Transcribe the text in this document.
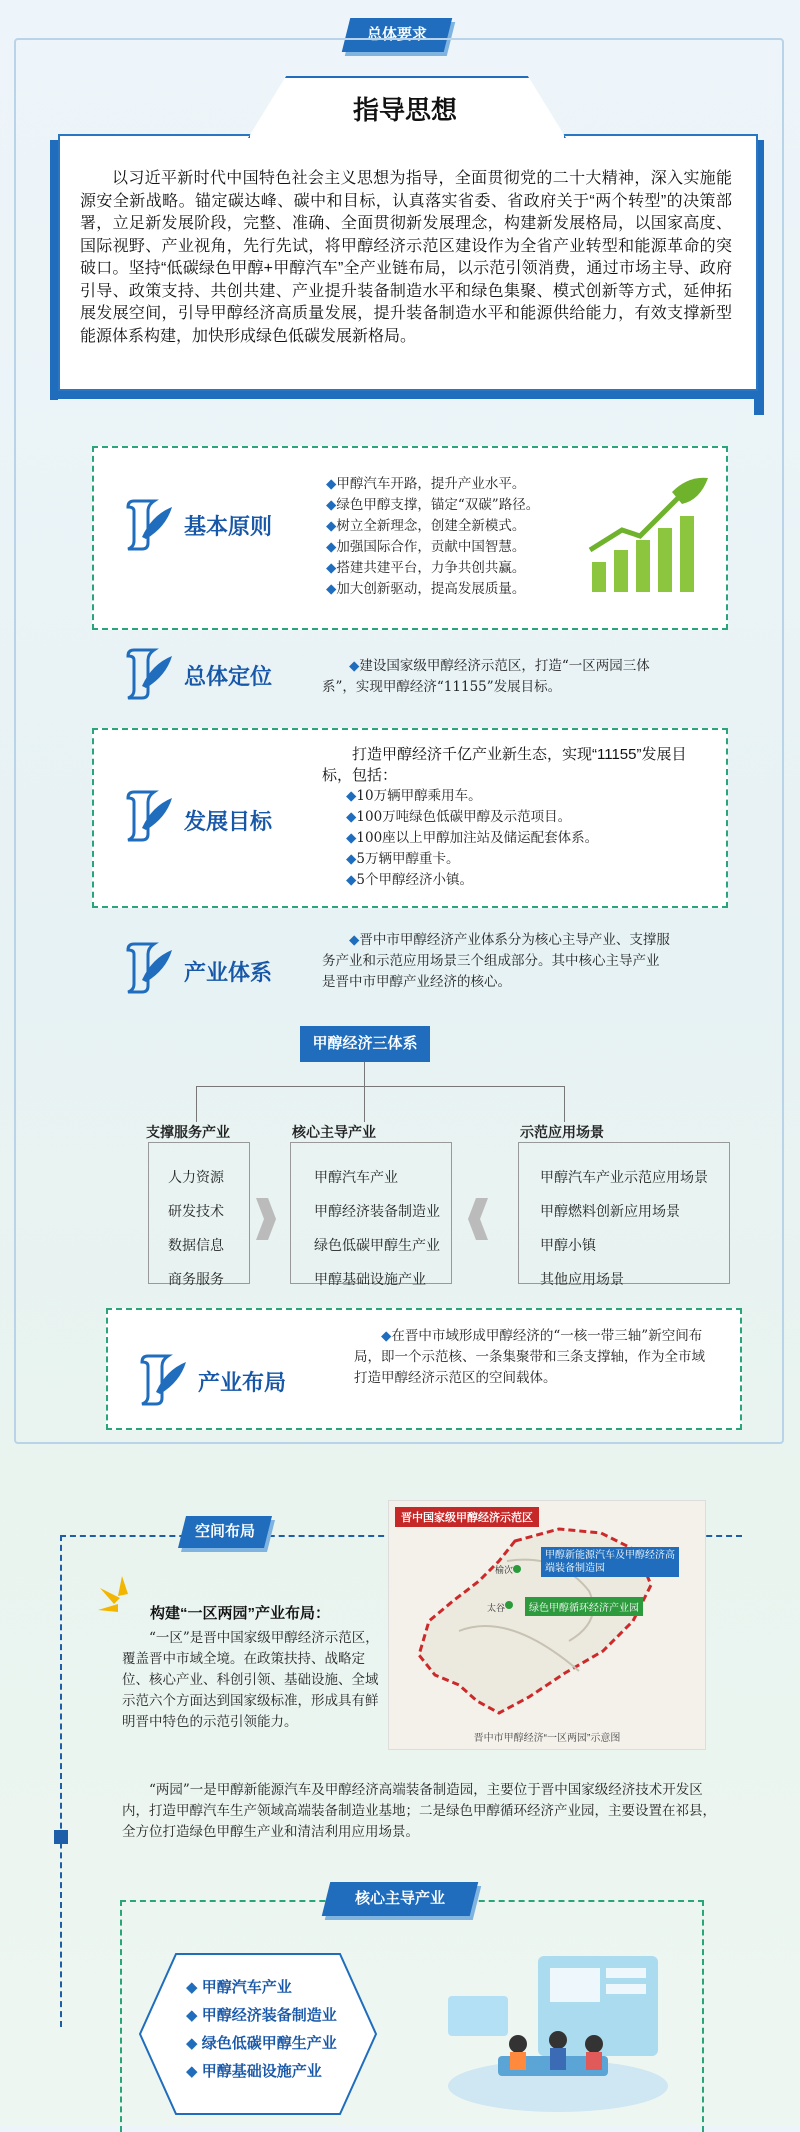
总体要求
指导思想
以习近平新时代中国特色社会主义思想为指导，全面贯彻党的二十大精神，深入实施能源安全新战略。锚定碳达峰、碳中和目标，认真落实省委、省政府关于“两个转型”的决策部署，立足新发展阶段，完整、准确、全面贯彻新发展理念，构建新发展格局，以国家高度、国际视野、产业视角，先行先试，将甲醇经济示范区建设作为全省产业转型和能源革命的突破口。坚持“低碳绿色甲醇+甲醇汽车”全产业链布局，以示范引领消费，通过市场主导、政府引导、政策支持、共创共建、产业提升装备制造水平和绿色集聚、模式创新等方式，延伸拓展发展空间，引导甲醇经济高质量发展，提升装备制造水平和能源供给能力，有效支撑新型能源体系构建，加快形成绿色低碳发展新格局。
基本原则
◆甲醇汽车开路，提升产业水平。
◆绿色甲醇支撑，锚定“双碳”路径。
◆树立全新理念，创建全新模式。
◆加强国际合作，贡献中国智慧。
◆搭建共建平台，力争共创共赢。
◆加大创新驱动，提高发展质量。
总体定位	◆建设国家级甲醇经济示范区，打造“一区两园三体系”，实现甲醇经济“11155”发展目标。
发展目标
打造甲醇经济千亿产业新生态，实现“11155”发展目标，包括：
◆10万辆甲醇乘用车。
◆100万吨绿色低碳甲醇及示范项目。
◆100座以上甲醇加注站及储运配套体系。
◆5万辆甲醇重卡。
◆5个甲醇经济小镇。
产业体系
◆晋中市甲醇经济产业体系分为核心主导产业、支撑服务产业和示范应用场景三个组成部分。其中核心主导产业是晋中市甲醇产业经济的核心。
甲醇经济三体系
支撑服务产业
人力资源
研发技术
数据信息
商务服务
核心主导产业
甲醇汽车产业
甲醇经济装备制造业
绿色低碳甲醇生产业
甲醇基础设施产业
示范应用场景
甲醇汽车产业示范应用场景
甲醇燃料创新应用场景
甲醇小镇
其他应用场景
产业布局
◆在晋中市域形成甲醇经济的“一核一带三轴”新空间布局，即一个示范核、一条集聚带和三条支撑轴，作为全市域打造甲醇经济示范区的空间载体。
空间布局
构建“一区两园”产业布局：
“一区”是晋中国家级甲醇经济示范区，覆盖晋中市域全境。在政策扶持、战略定位、核心产业、科创引领、基础设施、全域示范六个方面达到国家级标准，形成具有鲜明晋中特色的示范引领能力。
“两园”一是甲醇新能源汽车及甲醇经济高端装备制造园，主要位于晋中国家级经济技术开发区内，打造甲醇汽车生产领域高端装备制造业基地；二是绿色甲醇循环经济产业园，主要设置在祁县，全方位打造绿色甲醇生产业和清洁利用应用场景。
晋中国家级甲醇经济示范区
甲醇新能源汽车及甲醇经济高端装备制造园
绿色甲醇循环经济产业园
榆次
太谷
晋中市甲醇经济“一区两园”示意图
核心主导产业
◆ 甲醇汽车产业
◆ 甲醇经济装备制造业
◆ 绿色低碳甲醇生产业
◆ 甲醇基础设施产业
